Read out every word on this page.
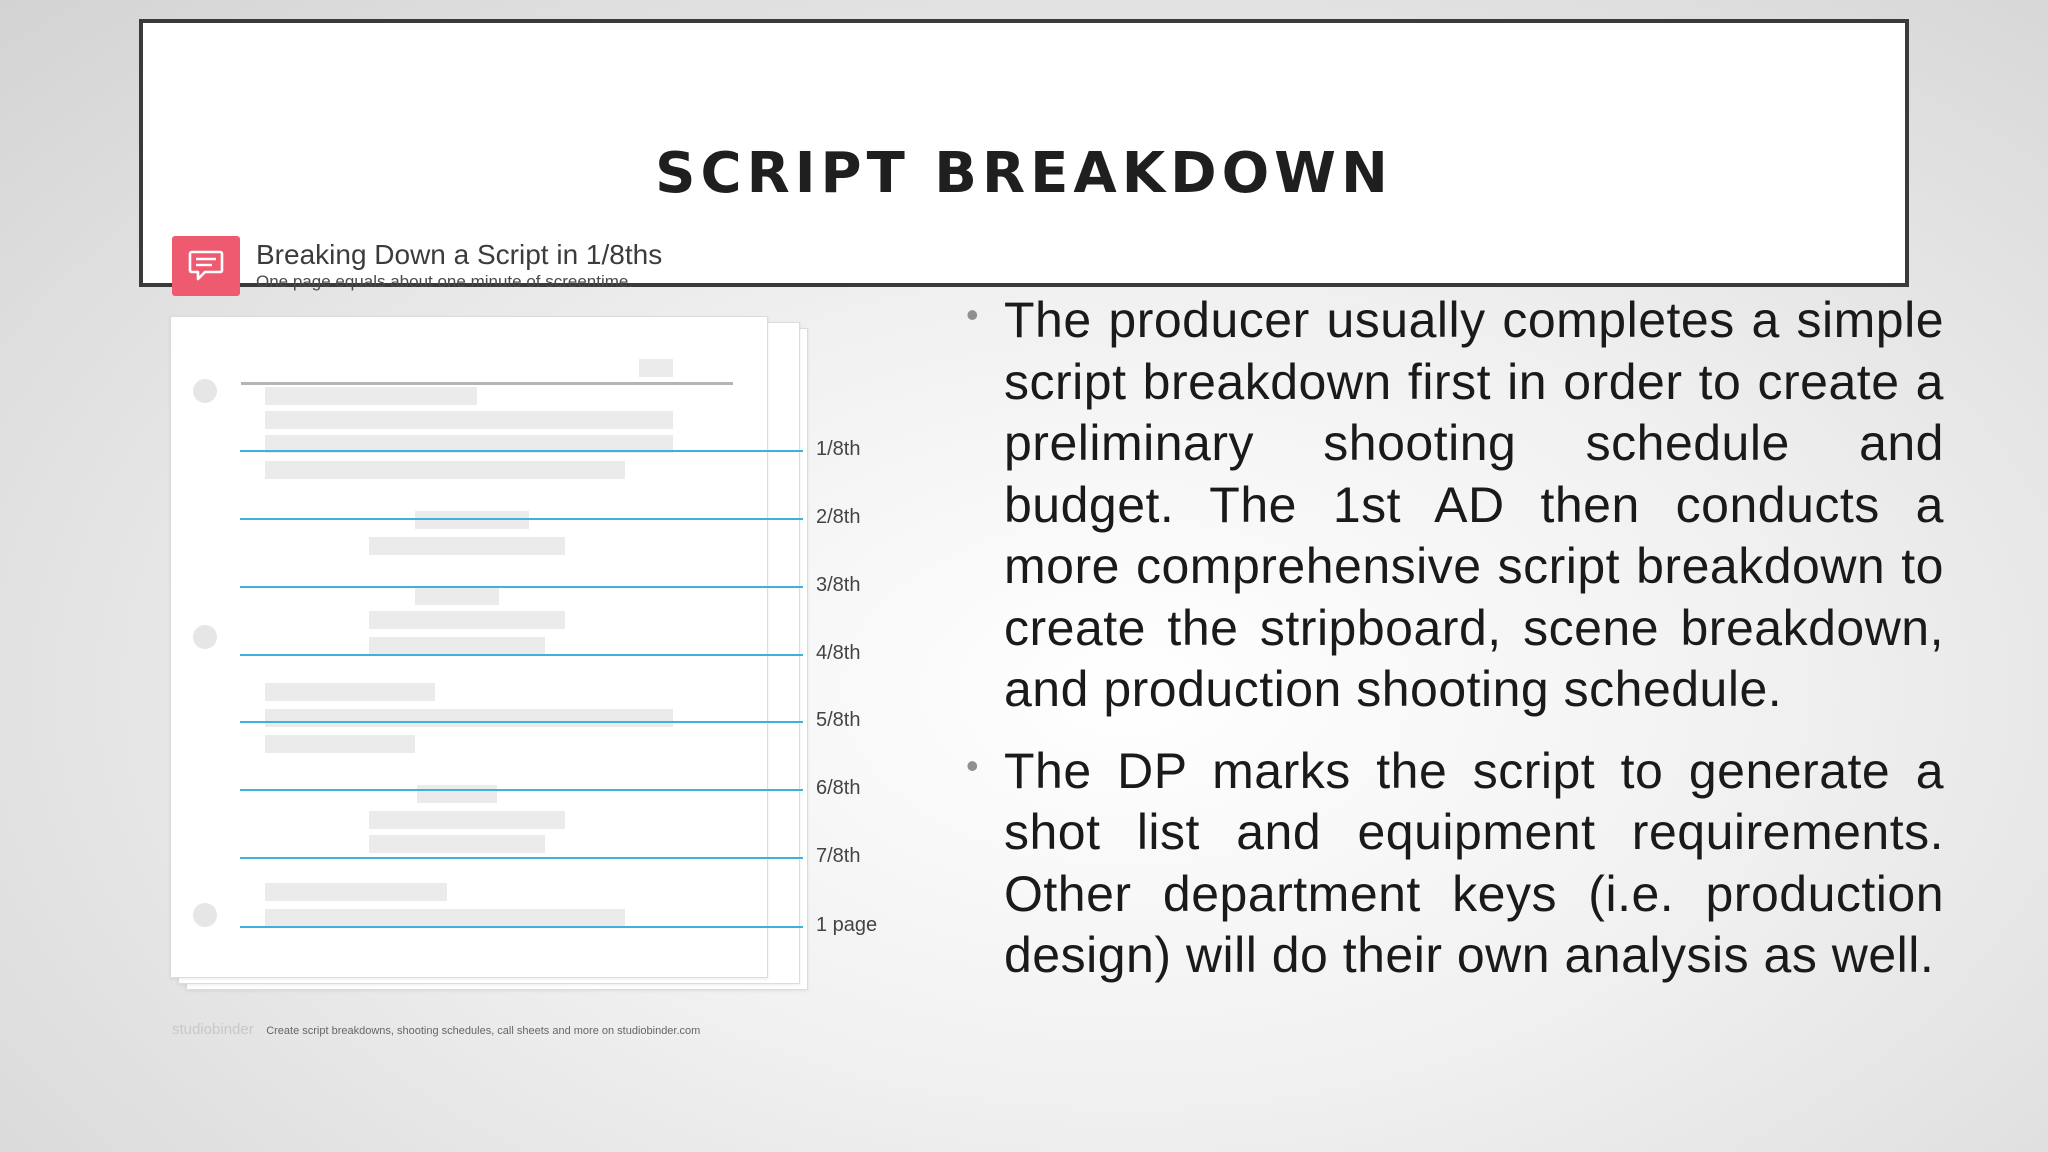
SCRIPT BREAKDOWN
Breaking Down a Script in 1/8ths
One page equals about one minute of screentime.
1/8th
2/8th
3/8th
4/8th
5/8th
6/8th
7/8th
1 page
studiobinder Create script breakdowns, shooting schedules, call sheets and more on studiobinder.com
• The producer usually completes a simple script breakdown first in order to create a preliminary shooting schedule and budget. The 1st AD then conducts a more comprehensive script breakdown to create the stripboard, scene breakdown, and production shooting schedule.
• The DP marks the script to generate a shot list and equipment requirements. Other department keys (i.e. production design) will do their own analysis as well.
